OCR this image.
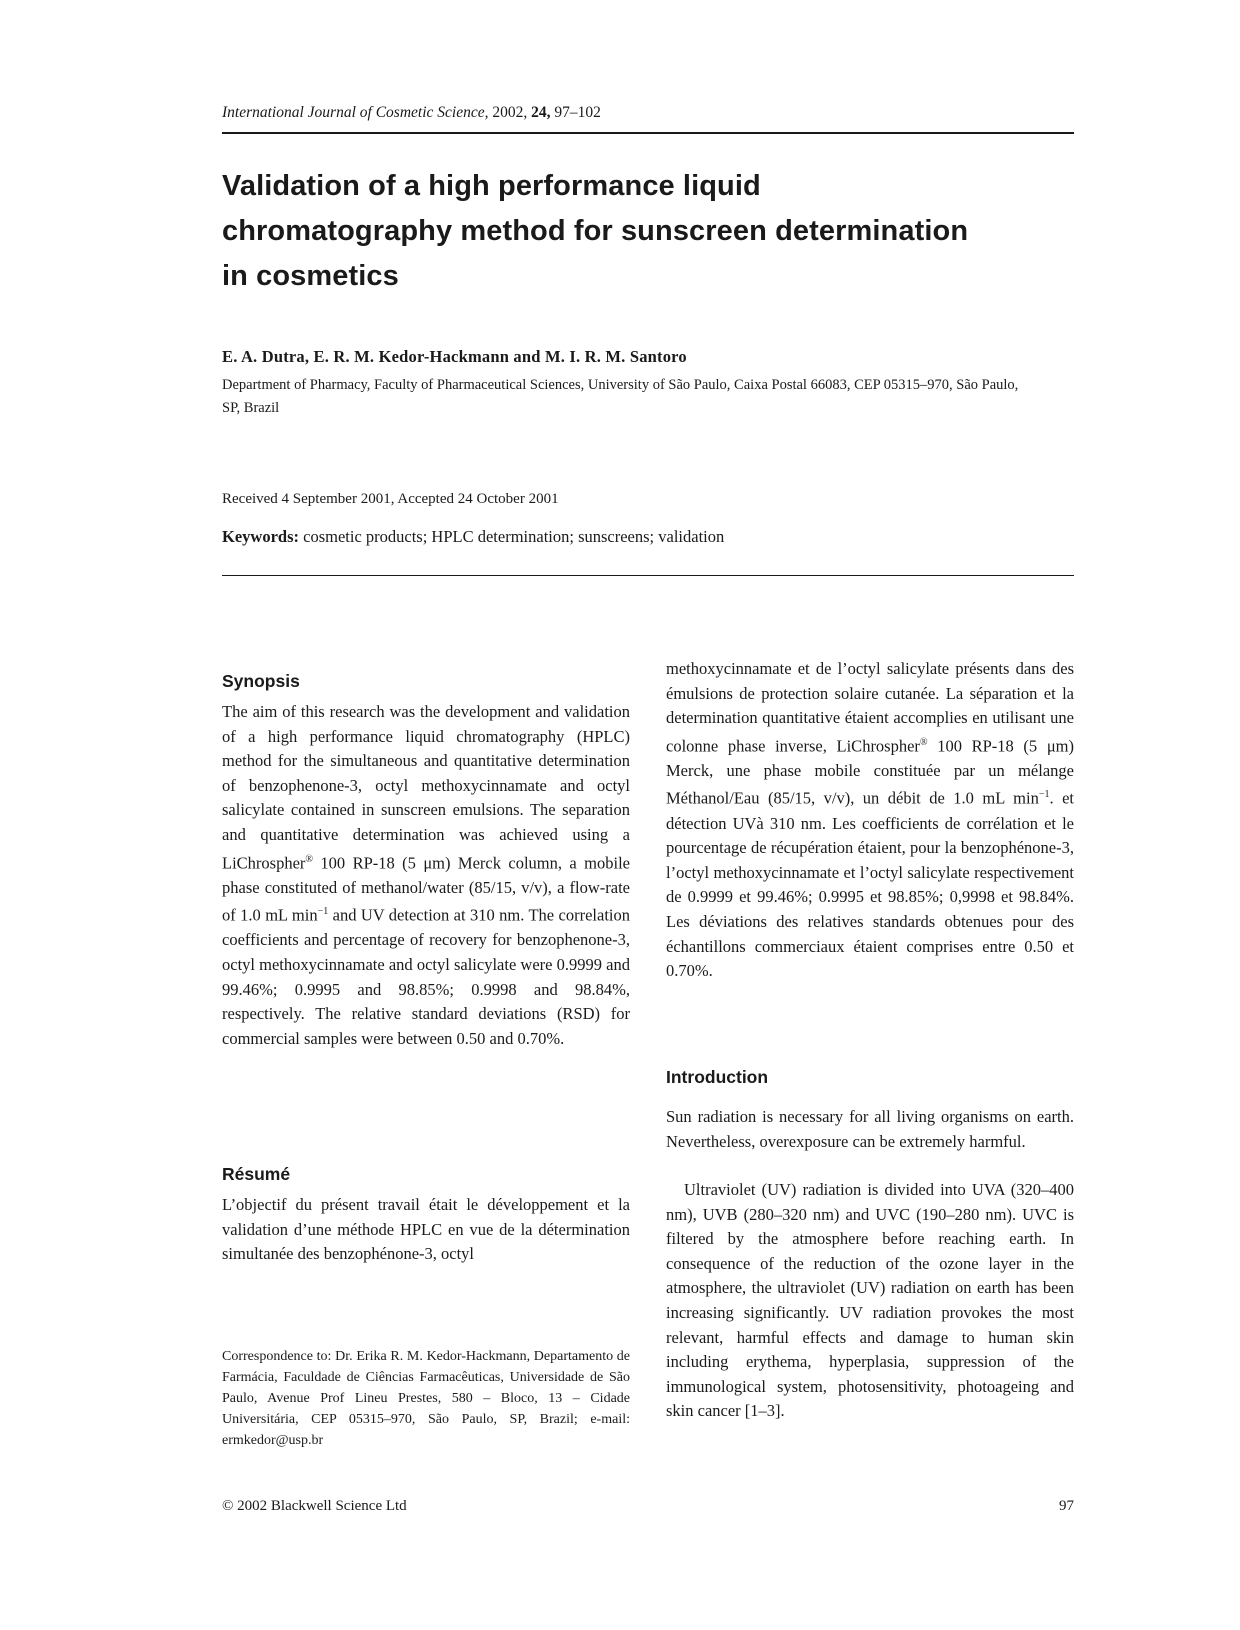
International Journal of Cosmetic Science, 2002, 24, 97–102
Validation of a high performance liquid chromatography method for sunscreen determination in cosmetics
E. A. Dutra, E. R. M. Kedor-Hackmann and M. I. R. M. Santoro
Department of Pharmacy, Faculty of Pharmaceutical Sciences, University of São Paulo, Caixa Postal 66083, CEP 05315–970, São Paulo, SP, Brazil
Received 4 September 2001, Accepted 24 October 2001
Keywords: cosmetic products; HPLC determination; sunscreens; validation
Synopsis

The aim of this research was the development and validation of a high performance liquid chromatography (HPLC) method for the simultaneous and quantitative determination of benzophenone-3, octyl methoxycinnamate and octyl salicylate contained in sunscreen emulsions. The separation and quantitative determination was achieved using a LiChrospher® 100 RP-18 (5 μm) Merck column, a mobile phase constituted of methanol/water (85/15, v/v), a flow-rate of 1.0 mL $\min^{-1}$ and UV detection at 310 nm. The correlation coefficients and percentage of recovery for benzophenone-3, octyl methoxycinnamate and octyl salicylate were 0.9999 and 99.46%; 0.9995 and 98.85%; 0.9998 and 98.84%, respectively. The relative standard deviations (RSD) for commercial samples were between 0.50 and 0.70%.

Résumé

L’objectif du présent travail était le développement et la validation d’une méthode HPLC en vue de la détermination simultanée des benzophénone-3, octyl

Correspondence to: Dr. Erika R. M. Kedor-Hackmann, Departamento de Farmácia, Faculdade de Ciências Farmacêuticas, Universidade de São Paulo, Avenue Prof Lineu Prestes, 580 – Bloco, 13 – Cidade Universitária, CEP 05315–970, São Paulo, SP, Brazil; e-mail: ermkedor@usp.br

methoxycinnamate et de l’octyl salicylate présents dans des émulsions de protection solaire cutanée. La séparation et la determination quantitative étaient accomplies en utilisant une colonne phase inverse, LiChrospher® 100 RP-18 (5 μm) Merck, une phase mobile constituée par un mélange Méthanol/Eau (85/15, v/v), un débit de 1.0 mL $\min^{-1}$. et détection UVà 310 nm. Les coefficients de corrélation et le pourcentage de récupération étaient, pour la benzophénone-3, l’octyl methoxycinnamate et l’octyl salicylate respectivement de 0.9999 et 99.46%; 0.9995 et 98.85%; 0,9998 et 98.84%. Les déviations des relatives standards obtenues pour des échantillons commerciaux étaient comprises entre 0.50 et 0.70%.

Introduction

Sun radiation is necessary for all living organisms on earth. Nevertheless, overexposure can be extremely harmful.

Ultraviolet (UV) radiation is divided into UVA (320–400 nm), UVB (280–320 nm) and UVC (190–280 nm). UVC is filtered by the atmosphere before reaching earth. In consequence of the reduction of the ozone layer in the atmosphere, the ultraviolet (UV) radiation on earth has been increasing significantly. UV radiation provokes the most relevant, harmful effects and damage to human skin including erythema, hyperplasia, suppression of the immunological system, photosensitivity, photoageing and skin cancer [1–3].

© 2002 Blackwell Science Ltd	97
